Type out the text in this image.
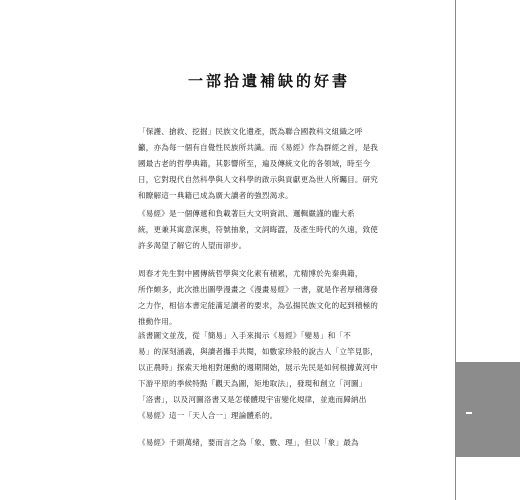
一部拾遺補缺的好書
「保護、搶救、挖掘」民族文化遺產，既為聯合國教科文組織之呼
籲，亦為每一個有自覺性民族所共識。而《易經》作為群經之首，是我
國最古老的哲學典籍，其影響所至，遍及傳統文化的各領域，時至今
日，它對現代自然科學與人文科學的啟示與貢獻更為世人所矚目。研究
和瞭解這一典籍已成為廣大讀者的強烈渴求。
《易經》是一個傳遞和負載著巨大文明資訊、邏輯嚴謹的龐大系
統，更兼其寓意深奧，符號抽象，文詞晦澀，及產生時代的久遠，致使
許多渴望了解它的人望而卻步。
周春才先生對中國傳統哲學與文化素有積累，尤精博於先秦典籍，
所作頗多，此次推出圖學漫畫之《漫畫易經》一書，就是作者厚積薄發
之力作，相信本書定能滿足讀者的要求，為弘揚民族文化的起到積極的
推動作用。
該書圖文並茂，從「簡易」入手來揭示《易經》「變易」和「不
易」的深刻涵義，與讀者攜手共閱，如數家珍般的說古人「立竿見影，
以正農時」探索天地相對運動的週期開始，展示先民是如何根據黃河中
下游平原的季候特點「觀天為圖，矩地取法」，發現和創立「河圖」
「洛書」，以及河圖洛書又是怎樣體現宇宙變化規律，並進而歸納出
《易經》這一「天人合一」理論體系的。
《易經》千頭萬緒，要而言之為「象、數、理」，但以「象」最為
